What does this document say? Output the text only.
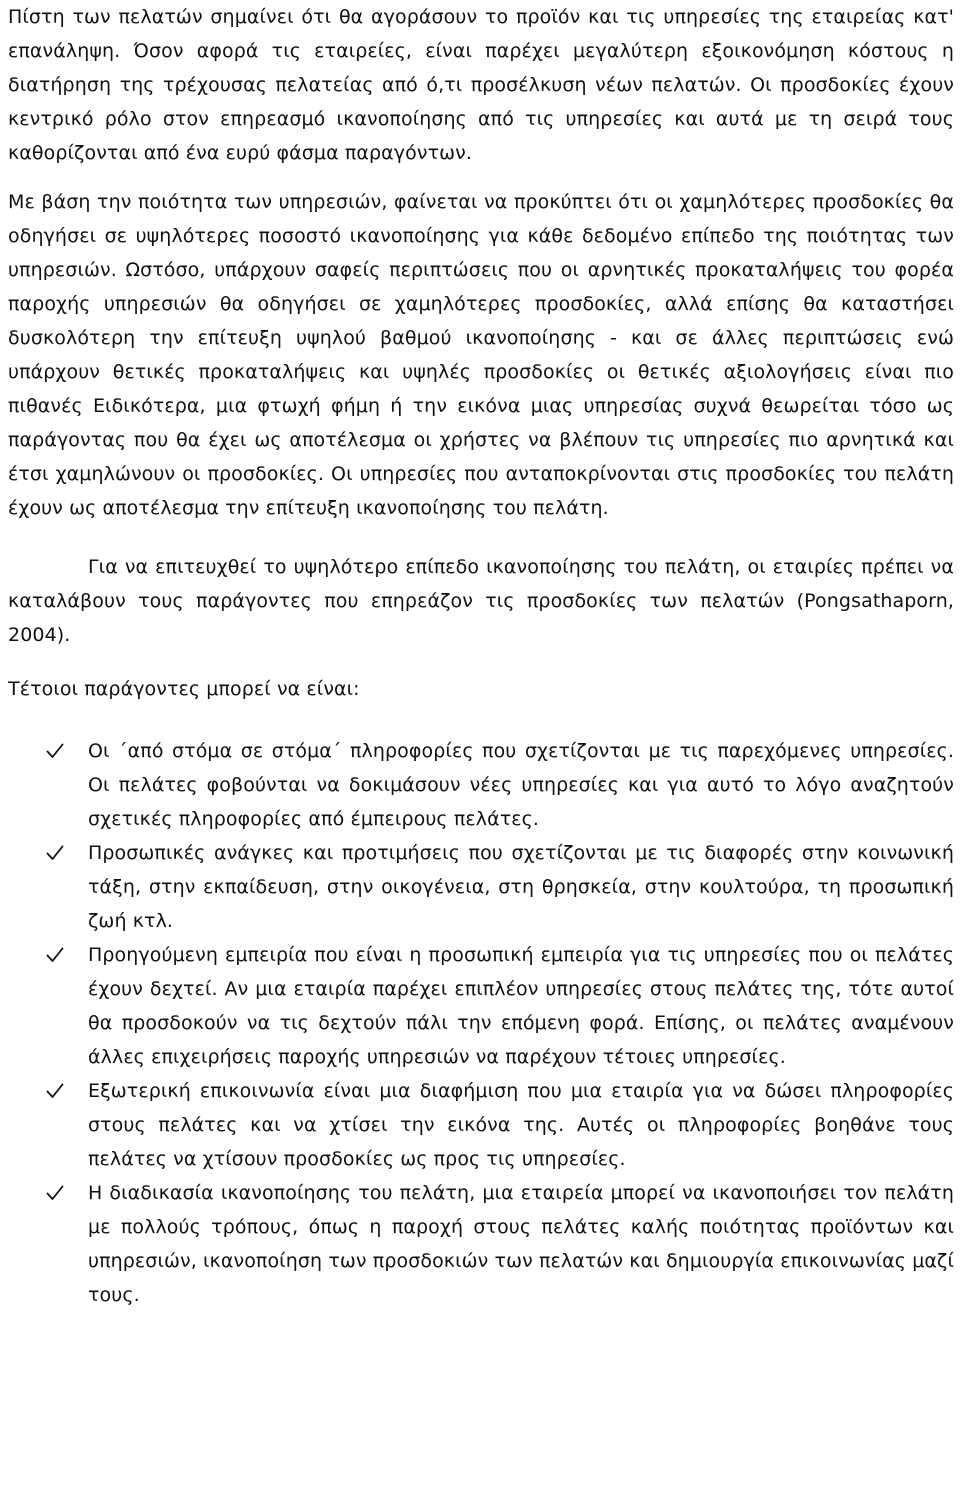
Πίστη των πελατών σημαίνει ότι θα αγοράσουν το προϊόν και τις υπηρεσίες της εταιρείας κατ' επανάληψη. Όσον αφορά τις εταιρείες, είναι παρέχει μεγαλύτερη εξοικονόμηση κόστους η διατήρηση της τρέχουσας πελατείας από ό,τι προσέλκυση νέων πελατών. Οι προσδοκίες έχουν κεντρικό ρόλο στον επηρεασμό ικανοποίησης από τις υπηρεσίες και αυτά με τη σειρά τους καθορίζονται από ένα ευρύ φάσμα παραγόντων.

Με βάση την ποιότητα των υπηρεσιών, φαίνεται να προκύπτει ότι οι χαμηλότερες προσδοκίες θα οδηγήσει σε υψηλότερες ποσοστό ικανοποίησης για κάθε δεδομένο επίπεδο της ποιότητας των υπηρεσιών. Ωστόσο, υπάρχουν σαφείς περιπτώσεις που οι αρνητικές προκαταλήψεις του φορέα παροχής υπηρεσιών θα οδηγήσει σε χαμηλότερες προσδοκίες, αλλά επίσης θα καταστήσει δυσκολότερη την επίτευξη υψηλού βαθμού ικανοποίησης - και σε άλλες περιπτώσεις ενώ υπάρχουν θετικές προκαταλήψεις και υψηλές προσδοκίες οι θετικές αξιολογήσεις είναι πιο πιθανές Ειδικότερα, μια φτωχή φήμη ή την εικόνα μιας υπηρεσίας συχνά θεωρείται τόσο ως παράγοντας που θα έχει ως αποτέλεσμα οι χρήστες να βλέπουν τις υπηρεσίες πιο αρνητικά και έτσι χαμηλώνουν οι προσδοκίες. Οι υπηρεσίες που ανταποκρίνονται στις προσδοκίες του πελάτη έχουν ως αποτέλεσμα την επίτευξη ικανοποίησης του πελάτη.

Για να επιτευχθεί το υψηλότερο επίπεδο ικανοποίησης του πελάτη, οι εταιρίες πρέπει να καταλάβουν τους παράγοντες που επηρεάζον τις προσδοκίες των πελατών (Pongsathaporn, 2004).

Τέτοιοι παράγοντες μπορεί να είναι:

Οι ΄από στόμα σε στόμα΄ πληροφορίες που σχετίζονται με τις παρεχόμενες υπηρεσίες. Οι πελάτες φοβούνται να δοκιμάσουν νέες υπηρεσίες και για αυτό το λόγο αναζητούν σχετικές πληροφορίες από έμπειρους πελάτες.
Προσωπικές ανάγκες και προτιμήσεις που σχετίζονται με τις διαφορές στην κοινωνική τάξη, στην εκπαίδευση, στην οικογένεια, στη θρησκεία, στην κουλτούρα, τη προσωπική ζωή κτλ.
Προηγούμενη εμπειρία που είναι η προσωπική εμπειρία για τις υπηρεσίες που οι πελάτες έχουν δεχτεί. Αν μια εταιρία παρέχει επιπλέον υπηρεσίες στους πελάτες της, τότε αυτοί θα προσδοκούν να τις δεχτούν πάλι την επόμενη φορά. Επίσης, οι πελάτες αναμένουν άλλες επιχειρήσεις παροχής υπηρεσιών να παρέχουν τέτοιες υπηρεσίες.
Εξωτερική επικοινωνία είναι μια διαφήμιση που μια εταιρία για να δώσει πληροφορίες στους πελάτες και να χτίσει την εικόνα της. Αυτές οι πληροφορίες βοηθάνε τους πελάτες να χτίσουν προσδοκίες ως προς τις υπηρεσίες.
Η διαδικασία ικανοποίησης του πελάτη, μια εταιρεία μπορεί να ικανοποιήσει τον πελάτη με πολλούς τρόπους, όπως η παροχή στους πελάτες καλής ποιότητας προϊόντων και υπηρεσιών, ικανοποίηση των προσδοκιών των πελατών και δημιουργία επικοινωνίας μαζί τους.
